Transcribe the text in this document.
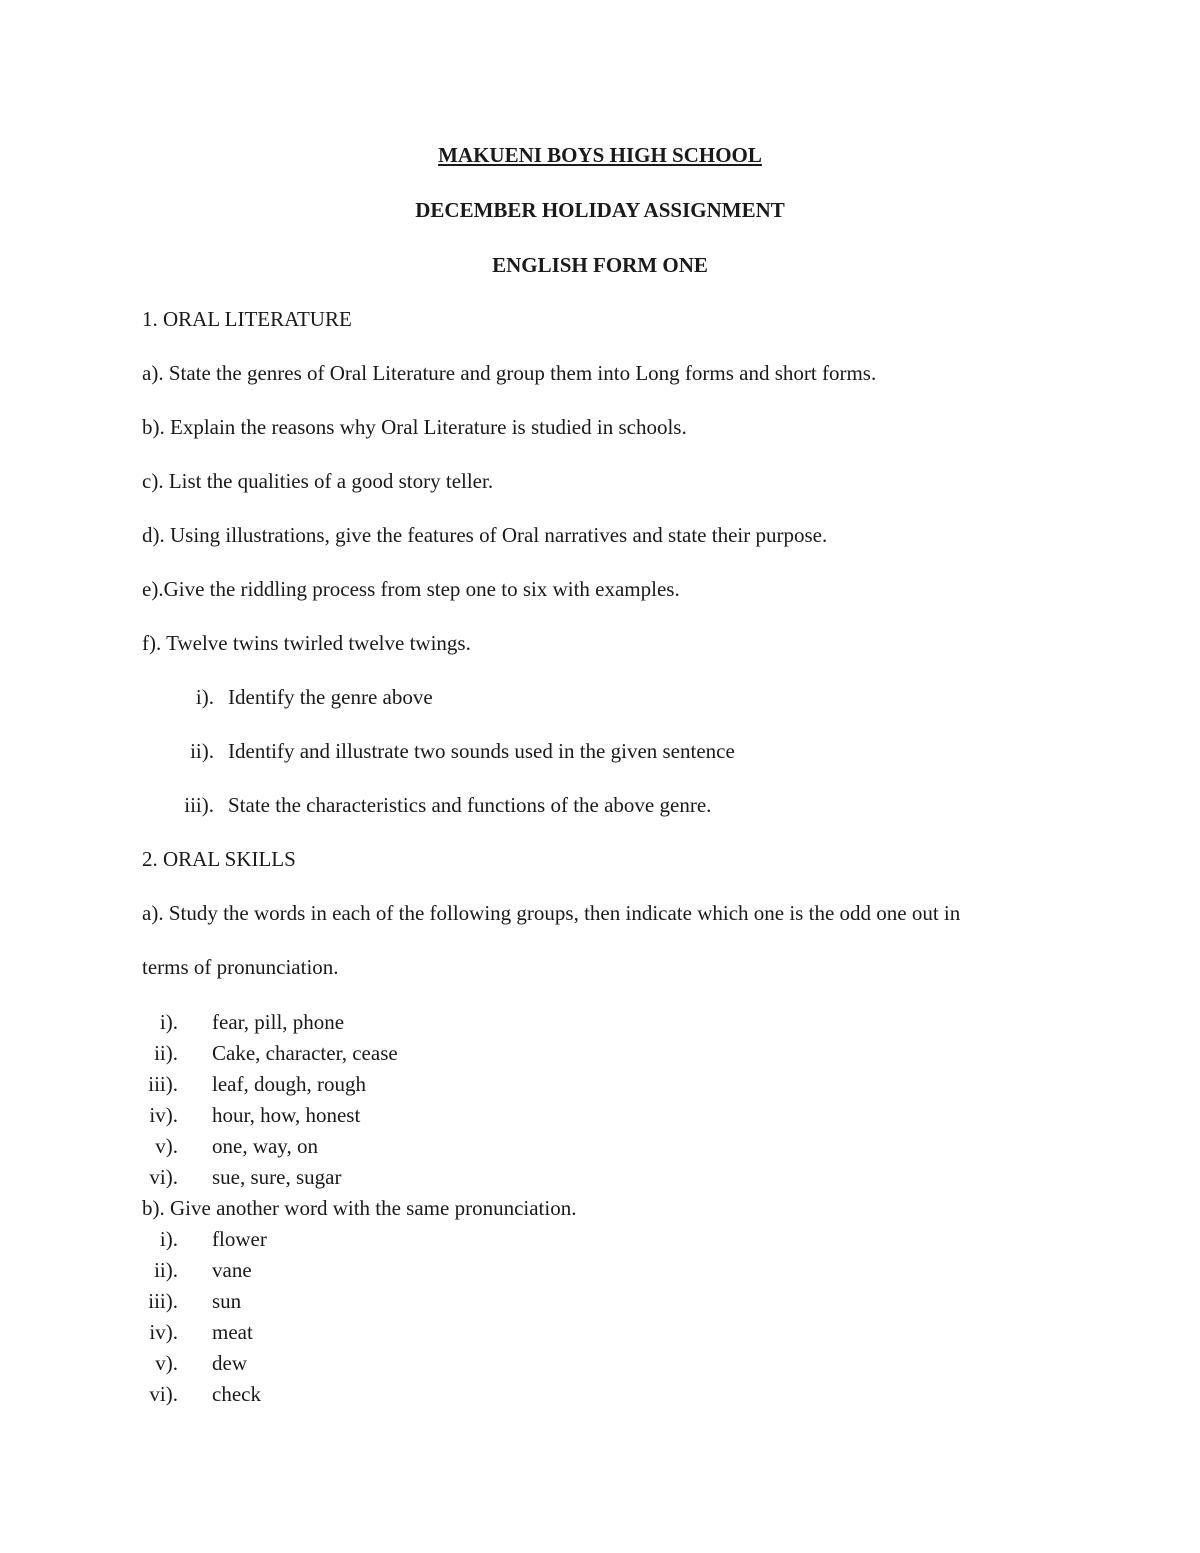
MAKUENI BOYS HIGH SCHOOL
DECEMBER HOLIDAY ASSIGNMENT
ENGLISH FORM ONE
1. ORAL LITERATURE
a). State the genres of Oral Literature and group them into Long forms and short forms.
b). Explain the reasons why Oral Literature is studied in schools.
c). List the qualities of a good story teller.
d). Using illustrations, give the features of Oral narratives and state their purpose.
e).Give the riddling process from step one to six with examples.
f). Twelve twins twirled twelve twings.
i). Identify the genre above
ii). Identify and illustrate two sounds used in the given sentence
iii). State the characteristics and functions of the above genre.
2. ORAL SKILLS
a). Study the words in each of the following groups, then indicate which one is the odd one out in
terms of pronunciation.
i). fear, pill, phone
ii). Cake, character, cease
iii). leaf, dough, rough
iv). hour, how, honest
v). one, way, on
vi). sue, sure, sugar
b). Give another word with the same pronunciation.
i). flower
ii). vane
iii). sun
iv). meat
v). dew
vi). check
